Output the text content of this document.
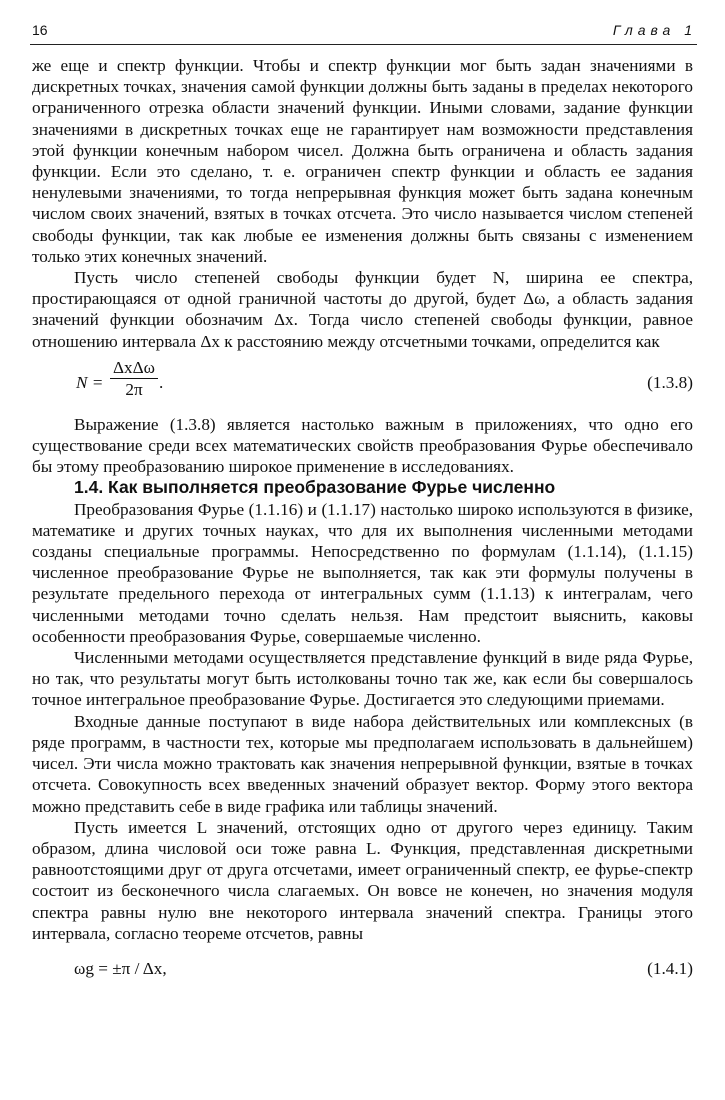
16	Глава 1

же еще и спектр функции. Чтобы и спектр функции мог быть задан значениями в дискретных точках, значения самой функции должны быть заданы в пределах некоторого ограниченного отрезка области значений функции. Иными словами, задание функции значениями в дискретных точках еще не гарантирует нам возможности представления этой функции конечным набором чисел. Должна быть ограничена и область задания функции. Если это сделано, т. е. ограничен спектр функции и область ее задания ненулевыми значениями, то тогда непрерывная функция может быть задана конечным числом своих значений, взятых в точках отсчета. Это число называется числом степеней свободы функции, так как любые ее изменения должны быть связаны с изменением только этих конечных значений.

Пусть число степеней свободы функции будет N, ширина ее спектра, простирающаяся от одной граничной частоты до другой, будет Δω, а область задания значений функции обозначим Δx. Тогда число степеней свободы функции, равное отношению интервала Δx к расстоянию между отсчетными точками, определится как

N =
ΔxΔω
2π .	(1.3.8)

Выражение (1.3.8) является настолько важным в приложениях, что одно его существование среди всех математических свойств преобразования Фурье обеспечивало бы этому преобразованию широкое применение в исследованиях.

1.4. Как выполняется преобразование Фурье численно

Преобразования Фурье (1.1.16) и (1.1.17) настолько широко используются в физике, математике и других точных науках, что для их выполнения численными методами созданы специальные программы. Непосредственно по формулам (1.1.14), (1.1.15) численное преобразование Фурье не выполняется, так как эти формулы получены в результате предельного перехода от интегральных сумм (1.1.13) к интегралам, чего численными методами точно сделать нельзя. Нам предстоит выяснить, каковы особенности преобразования Фурье, совершаемые численно.

Численными методами осуществляется представление функций в виде ряда Фурье, но так, что результаты могут быть истолкованы точно так же, как если бы совершалось точное интегральное преобразование Фурье. Достигается это следующими приемами.

Входные данные поступают в виде набора действительных или комплексных (в ряде программ, в частности тех, которые мы предполагаем использовать в дальнейшем) чисел. Эти числа можно трактовать как значения непрерывной функции, взятые в точках отсчета. Совокупность всех введенных значений образует вектор. Форму этого вектора можно представить себе в виде графика или таблицы значений.

Пусть имеется L значений, отстоящих одно от другого через единицу. Таким образом, длина числовой оси тоже равна L. Функция, представленная дискретными равноотстоящими друг от друга отсчетами, имеет ограниченный спектр, ее фурье-спектр состоит из бесконечного числа слагаемых. Он вовсе не конечен, но значения модуля спектра равны нулю вне некоторого интервала значений спектра. Границы этого интервала, согласно теореме отсчетов, равны

ωg = ±π / Δx,	(1.4.1)
